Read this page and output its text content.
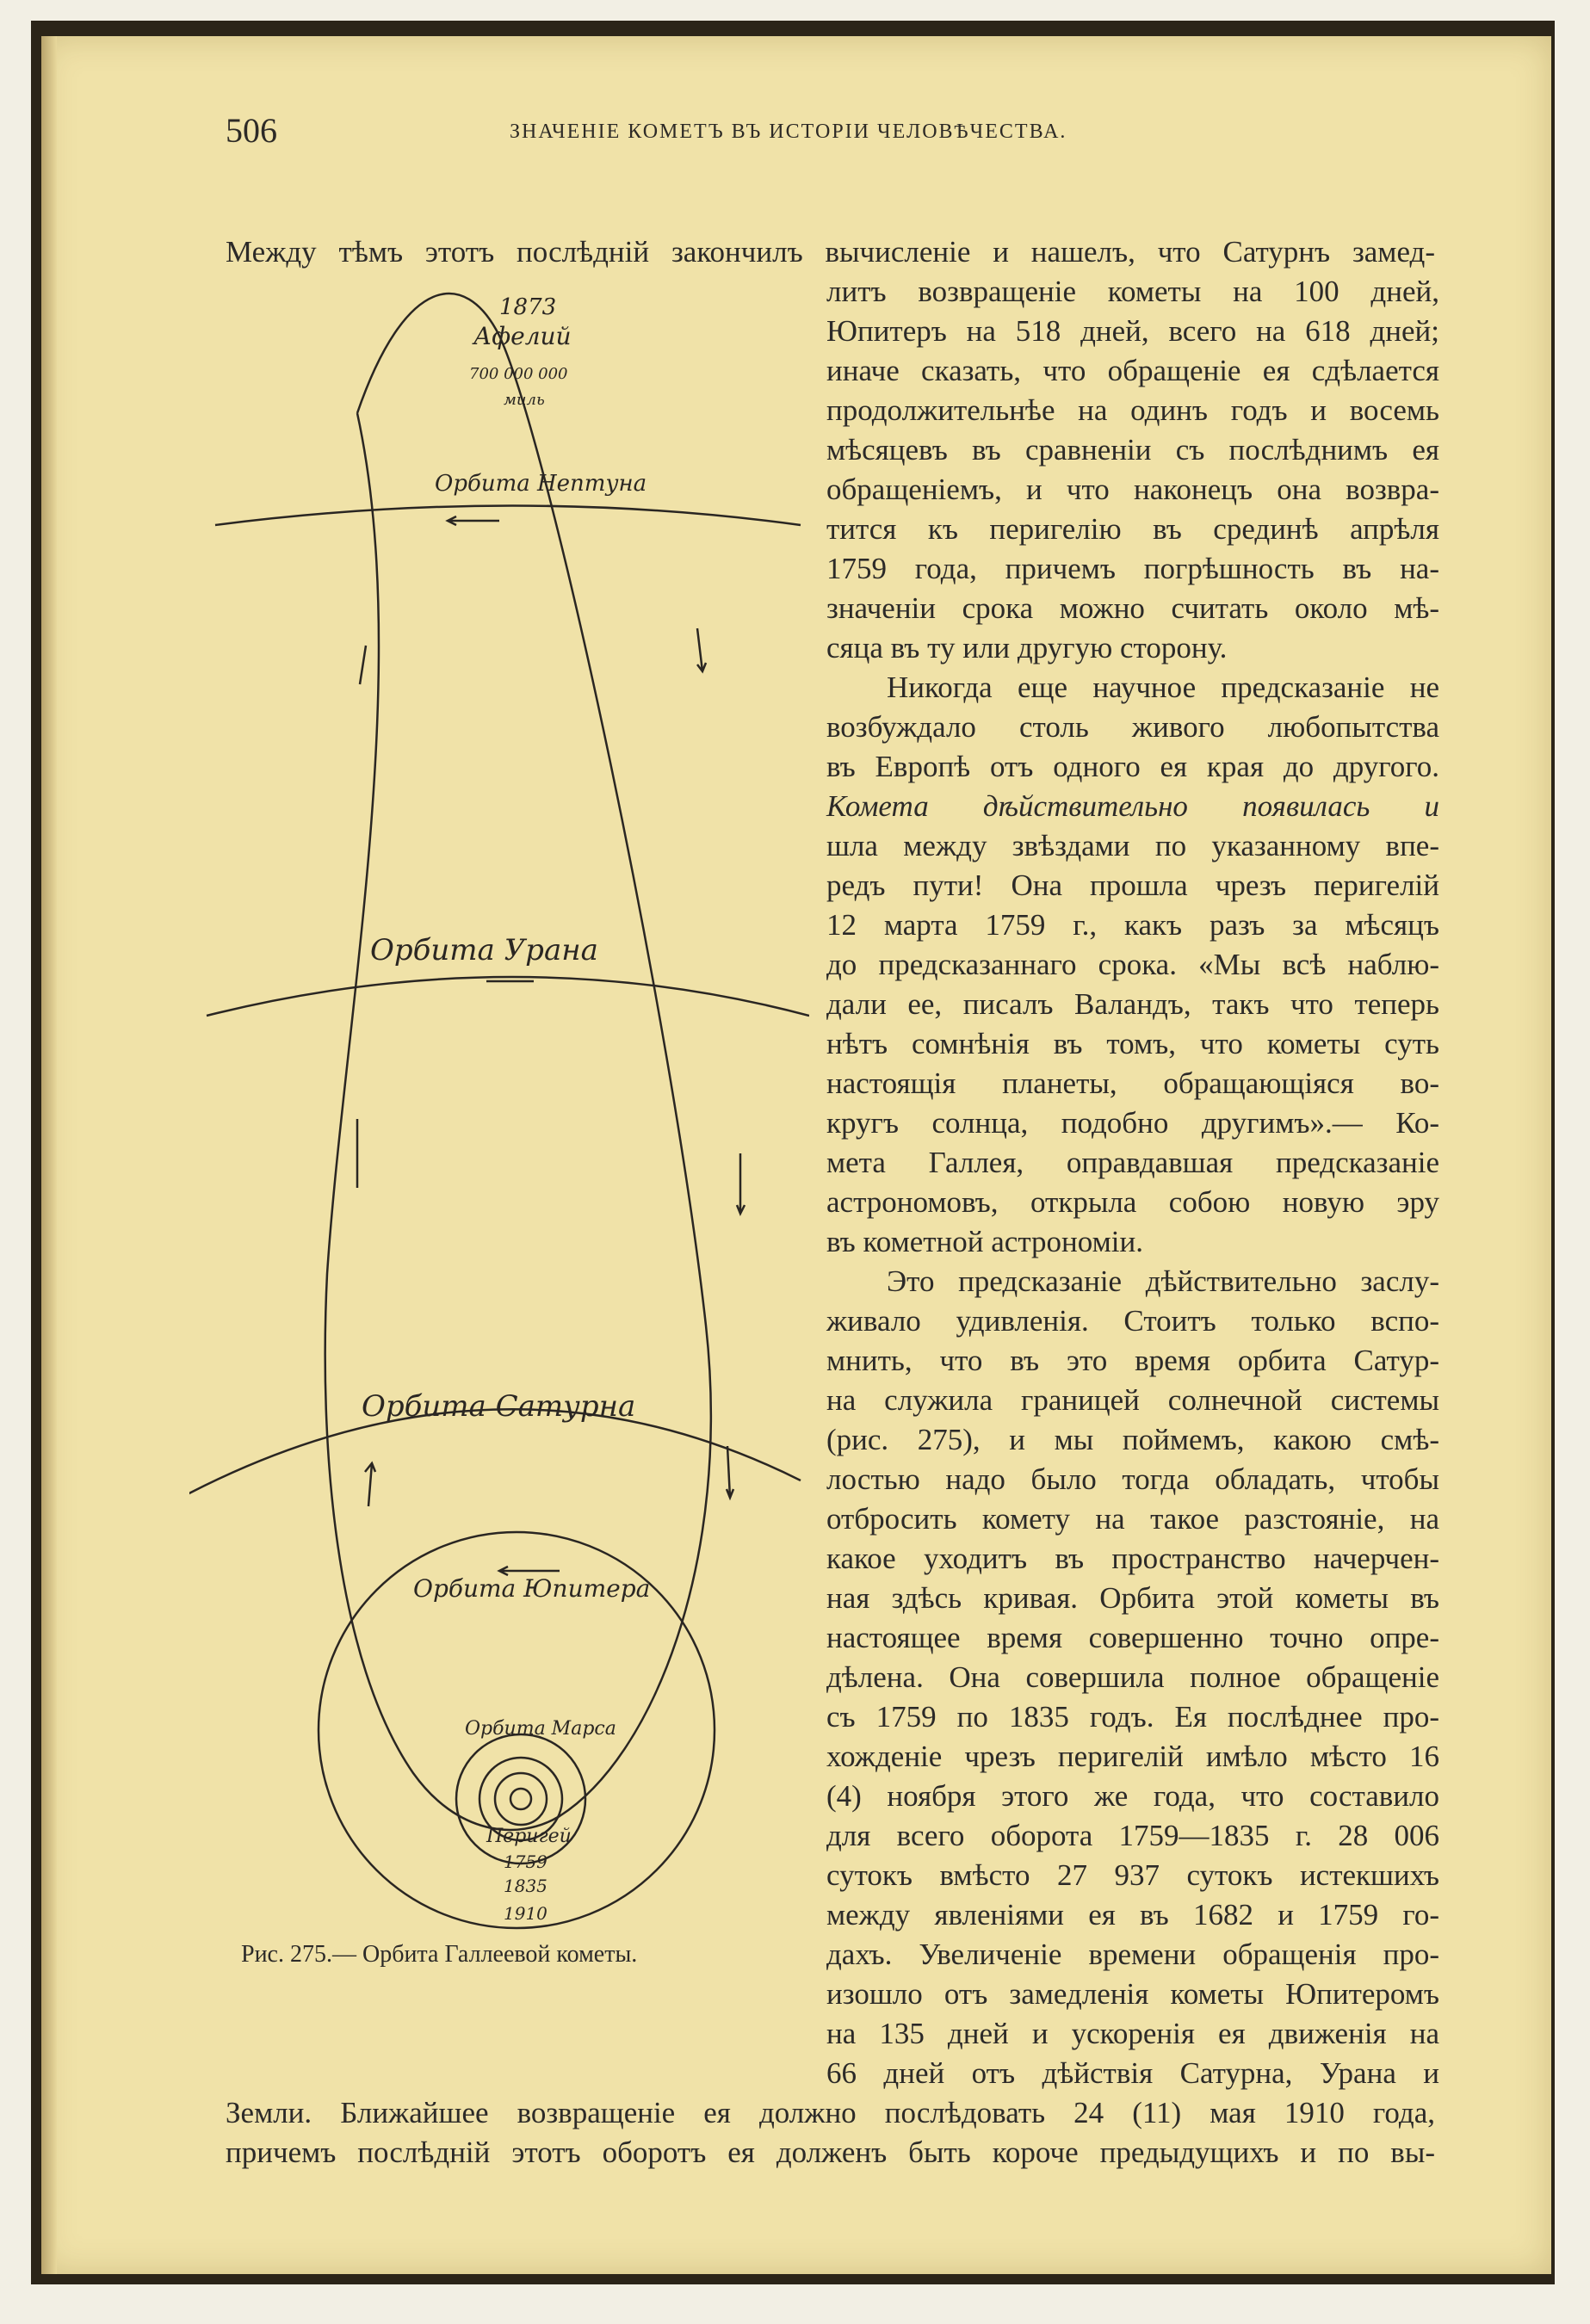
506	ЗНАЧЕНІЕ КОМЕТЪ ВЪ ИСТОРІИ ЧЕЛОВѢЧЕСТВА.
1873
Афелий
700 000 000
миль
Орбита Нептуна
Орбита Урана
Орбита Сатурна
Орбита Юпитера
Орбита Марса
Перигей
1759
1835
1910
Рис. 275.— Орбита Галлеевой кометы.
Между тѣмъ этотъ послѣдній закончилъ вычисленіе и нашелъ, что Сатурнъ замед-
литъ возвращеніе кометы на 100 дней,
Юпитеръ на 518 дней, всего на 618 дней;
иначе сказать, что обращеніе ея сдѣлается
продолжительнѣе на одинъ годъ и восемь
мѣсяцевъ въ сравненіи съ послѣднимъ ея
обращеніемъ, и что наконецъ она возвра-
тится къ перигелію въ срединѣ апрѣля
1759 года, причемъ погрѣшность въ на-
значеніи срока можно считать около мѣ-
сяца въ ту или другую сторону.
Никогда еще научное предсказаніе не
возбуждало столь живого любопытства
въ Европѣ отъ одного ея края до другого.
Комета дѣйствительно появилась и
шла между звѣздами по указанному впе-
редъ пути! Она прошла чрезъ перигелій
12 марта 1759 г., какъ разъ за мѣсяцъ
до предсказаннаго срока. «Мы всѣ наблю-
дали ее, писалъ Валандъ, такъ что теперь
нѣтъ сомнѣнія въ томъ, что кометы суть
настоящія планеты, обращающіяся во-
кругъ солнца, подобно другимъ».— Ко-
мета Галлея, оправдавшая предсказаніе
астрономовъ, открыла собою новую эру
въ кометной астрономіи.
Это предсказаніе дѣйствительно заслу-
живало удивленія. Стоитъ только вспо-
мнить, что въ это время орбита Сатур-
на служила границей солнечной системы
(рис. 275), и мы поймемъ, какою смѣ-
лостью надо было тогда обладать, чтобы
отбросить комету на такое разстояніе, на
какое уходитъ въ пространство начерчен-
ная здѣсь кривая. Орбита этой кометы въ
настоящее время совершенно точно опре-
дѣлена. Она совершила полное обращеніе
съ 1759 по 1835 годъ. Ея послѣднее про-
хожденіе чрезъ перигелій имѣло мѣсто 16
(4) ноября этого же года, что составило
для всего оборота 1759—1835 г. 28 006
сутокъ вмѣсто 27 937 сутокъ истекшихъ
между явленіями ея въ 1682 и 1759 го-
дахъ. Увеличеніе времени обращенія про-
изошло отъ замедленія кометы Юпитеромъ
на 135 дней и ускоренія ея движенія на
66 дней отъ дѣйствія Сатурна, Урана и
Земли. Ближайшее возвращеніе ея должно послѣдовать 24 (11) мая 1910 года,
причемъ послѣдній этотъ оборотъ ея долженъ быть короче предыдущихъ и по вы-
